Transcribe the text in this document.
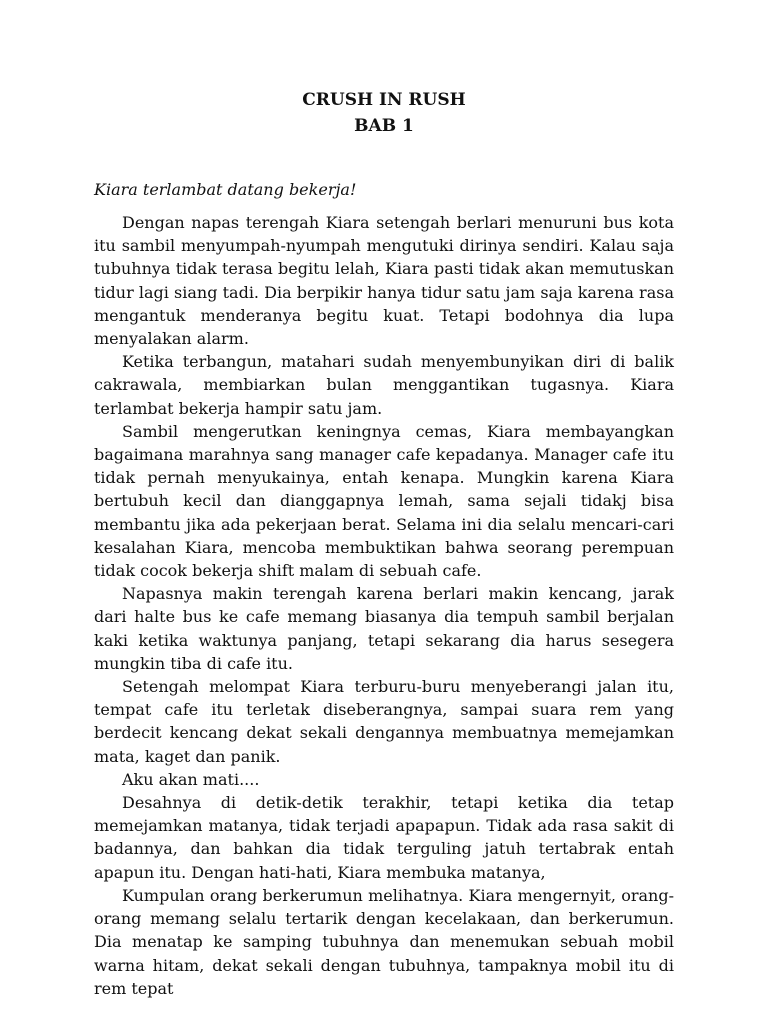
CRUSH IN RUSH
BAB 1

Kiara terlambat datang bekerja!

Dengan napas terengah Kiara setengah berlari menuruni bus kota itu sambil menyumpah-nyumpah mengutuki dirinya sendiri. Kalau saja tubuhnya tidak terasa begitu lelah, Kiara pasti tidak akan memutuskan tidur lagi siang tadi. Dia berpikir hanya tidur satu jam saja karena rasa mengantuk menderanya begitu kuat. Tetapi bodohnya dia lupa menyalakan alarm.

Ketika terbangun, matahari sudah menyembunyikan diri di balik cakrawala, membiarkan bulan menggantikan tugasnya. Kiara terlambat bekerja hampir satu jam.

Sambil mengerutkan keningnya cemas, Kiara membayangkan bagaimana marahnya sang manager cafe kepadanya. Manager cafe itu tidak pernah menyukainya, entah kenapa. Mungkin karena Kiara bertubuh kecil dan dianggapnya lemah, sama sejali tidakj bisa membantu jika ada pekerjaan berat. Selama ini dia selalu mencari-cari kesalahan Kiara, mencoba membuktikan bahwa seorang perempuan tidak cocok bekerja shift malam di sebuah cafe.

Napasnya makin terengah karena berlari makin kencang, jarak dari halte bus ke cafe memang biasanya dia tempuh sambil berjalan kaki ketika waktunya panjang, tetapi sekarang dia harus sesegera mungkin tiba di cafe itu.

Setengah melompat Kiara terburu-buru menyeberangi jalan itu, tempat cafe itu terletak diseberangnya, sampai suara rem yang berdecit kencang dekat sekali dengannya membuatnya memejamkan mata, kaget dan panik.

Aku akan mati....

Desahnya di detik-detik terakhir, tetapi ketika dia tetap memejamkan matanya, tidak terjadi apapapun. Tidak ada rasa sakit di badannya, dan bahkan dia tidak terguling jatuh tertabrak entah apapun itu. Dengan hati-hati, Kiara membuka matanya,

Kumpulan orang berkerumun melihatnya. Kiara mengernyit, orang-orang memang selalu tertarik dengan kecelakaan, dan berkerumun. Dia menatap ke samping tubuhnya dan menemukan sebuah mobil warna hitam, dekat sekali dengan tubuhnya, tampaknya mobil itu di rem tepat
